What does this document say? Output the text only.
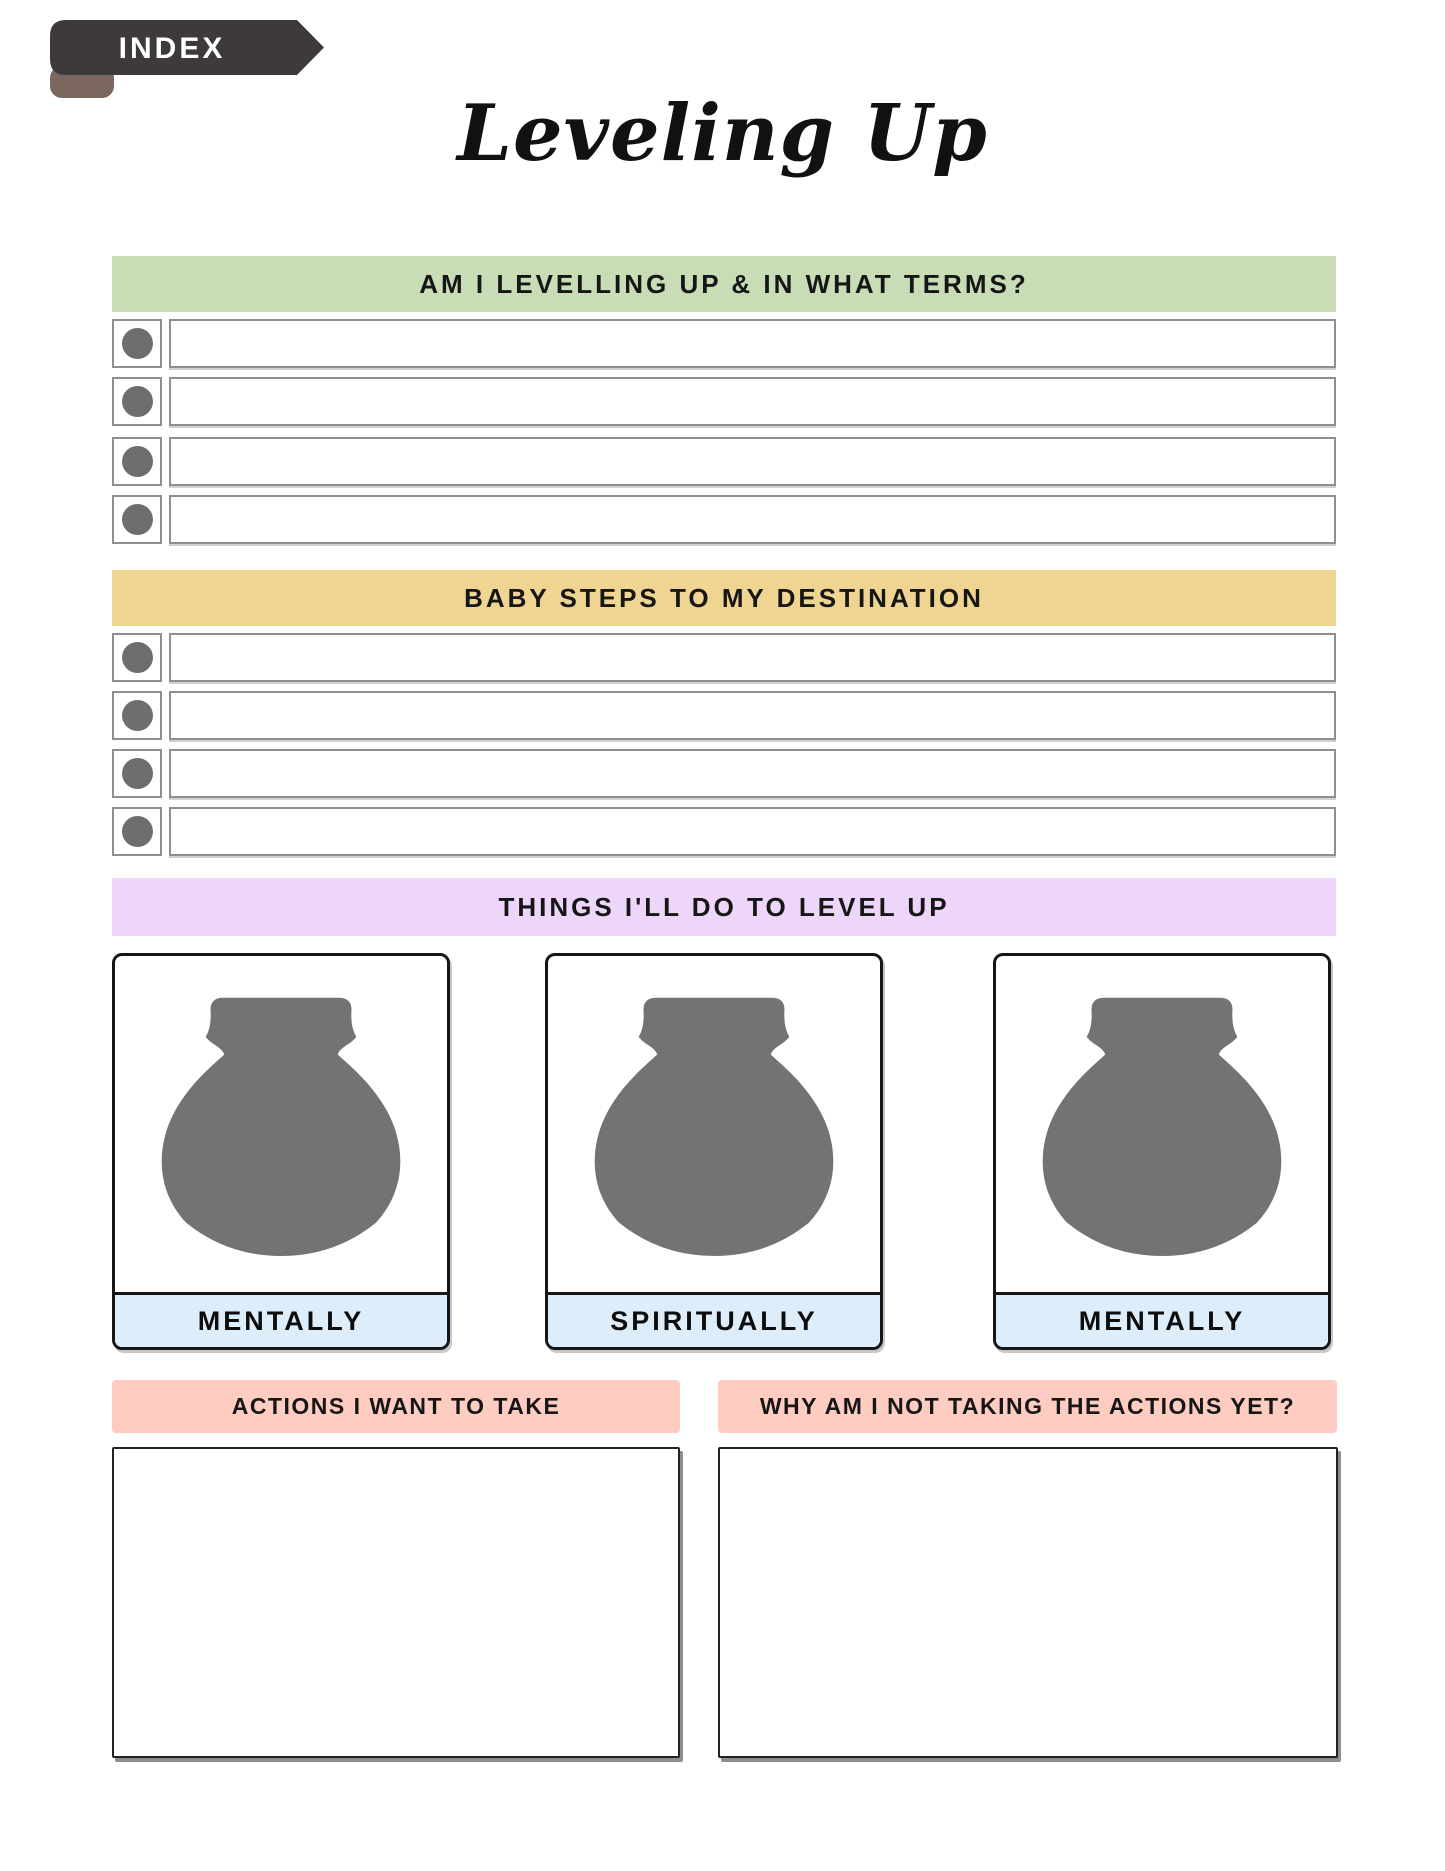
INDEX
Leveling Up
AM I LEVELLING UP & IN WHAT TERMS?
BABY STEPS TO MY DESTINATION
THINGS I'LL DO TO LEVEL UP
MENTALLY	SPIRITUALLY	MENTALLY
ACTIONS I WANT TO TAKE	WHY AM I NOT TAKING THE ACTIONS YET?
